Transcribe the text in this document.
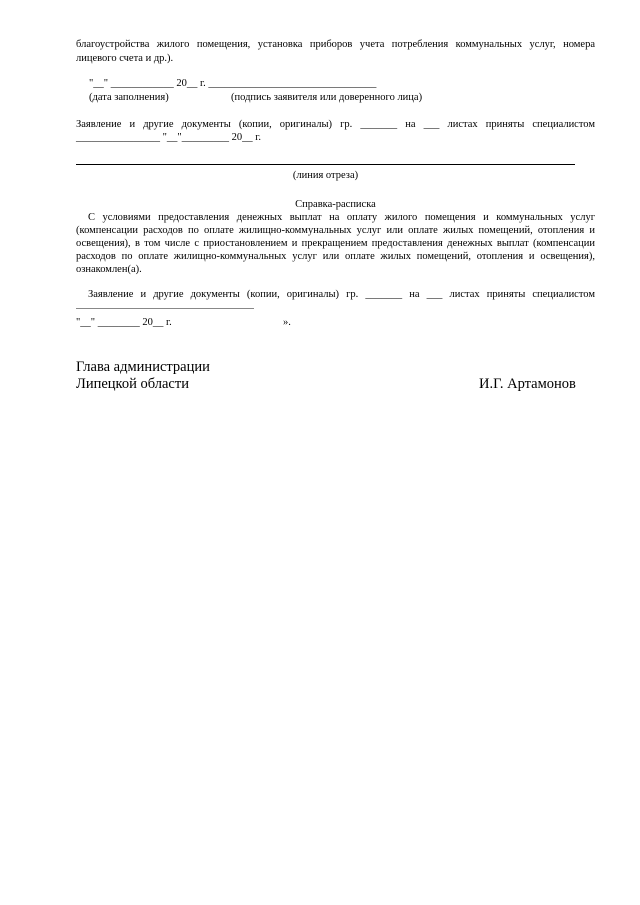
благоустройства жилого помещения, установка приборов учета потребления коммунальных услуг, номера
лицевого счета и др.).
"__" ____________ 20__ г. ________________________________
(дата заполнения)	(подпись заявителя или доверенного лица)
Заявление и другие документы (копии, оригиналы) гр. _______ на ___ листах приняты специалистом
________________ "__"_________ 20__ г.
(линия отреза)
Справка-расписка
С условиями предоставления денежных выплат на оплату жилого помещения и коммунальных услуг
(компенсации расходов по оплате жилищно-коммунальных услуг или оплате жилых помещений, отопления и
освещения), в том числе с приостановлением и прекращением предоставления денежных выплат (компенсации
расходов по оплате жилищно-коммунальных услуг или оплате жилых помещений, отопления и освещения),
ознакомлен(а).
Заявление и другие документы (копии, оригиналы) гр. _______ на ___ листах приняты специалистом
"__" ________ 20__ г.	».
Глава администрации
Липецкой области	И.Г. Артамонов
